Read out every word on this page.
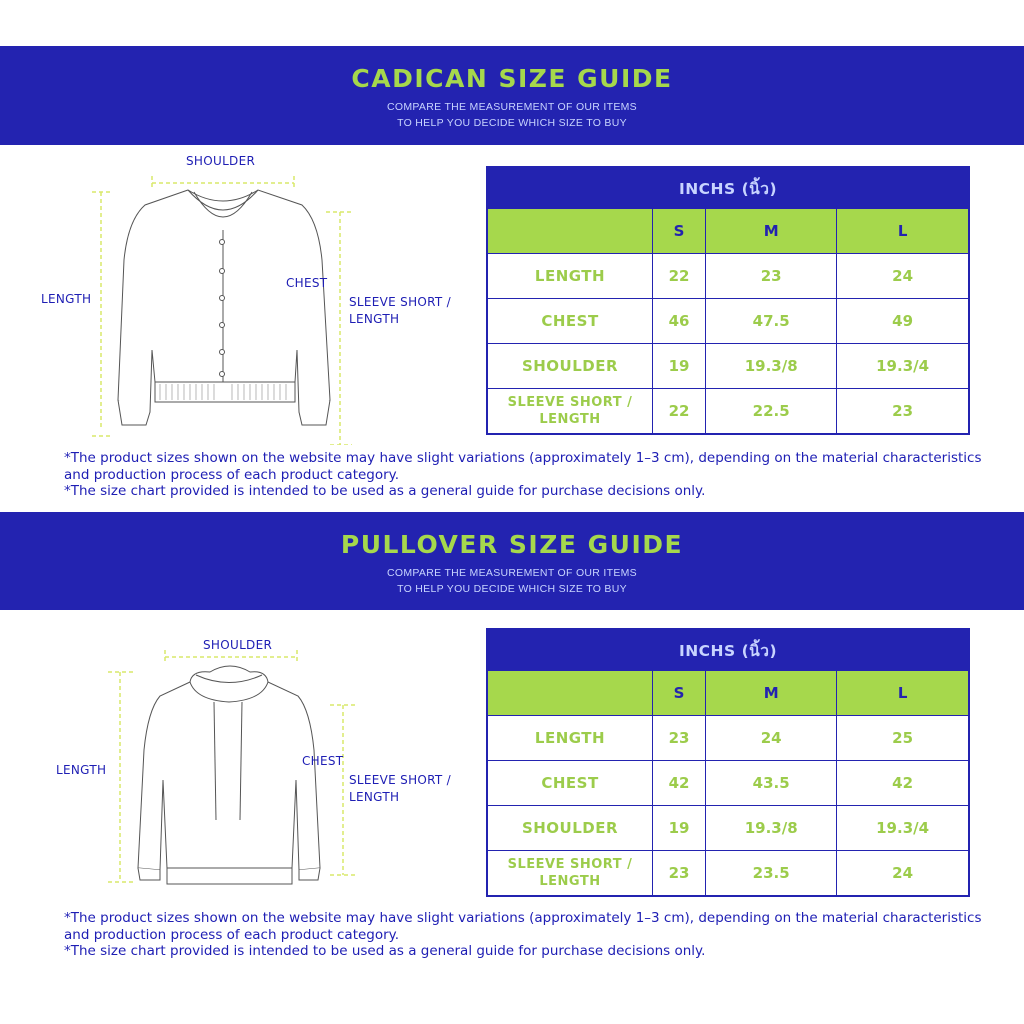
CADICAN SIZE GUIDE
COMPARE THE MEASUREMENT OF OUR ITEMS
TO HELP YOU DECIDE WHICH SIZE TO BUY
SHOULDER
LENGTH
CHEST
SLEEVE SHORT /
LENGTH
INCHS (นิ้ว)			
	S	M	L
LENGTH	22	23	24
CHEST	46	47.5	49
SHOULDER	19	19.3/8	19.3/4

SLEEVE SHORT /
LENGTH	22	22.5	23
*The product sizes shown on the website may have slight variations (approximately 1–3 cm), depending on the material characteristics
and production process of each product category.
*The size chart provided is intended to be used as a general guide for purchase decisions only.
PULLOVER SIZE GUIDE
COMPARE THE MEASUREMENT OF OUR ITEMS
TO HELP YOU DECIDE WHICH SIZE TO BUY
SHOULDER
LENGTH
CHEST
SLEEVE SHORT /
LENGTH
INCHS (นิ้ว)			
	S	M	L
LENGTH	23	24	25
CHEST	42	43.5	42
SHOULDER	19	19.3/8	19.3/4

SLEEVE SHORT /
LENGTH	23	23.5	24
*The product sizes shown on the website may have slight variations (approximately 1–3 cm), depending on the material characteristics
and production process of each product category.
*The size chart provided is intended to be used as a general guide for purchase decisions only.
